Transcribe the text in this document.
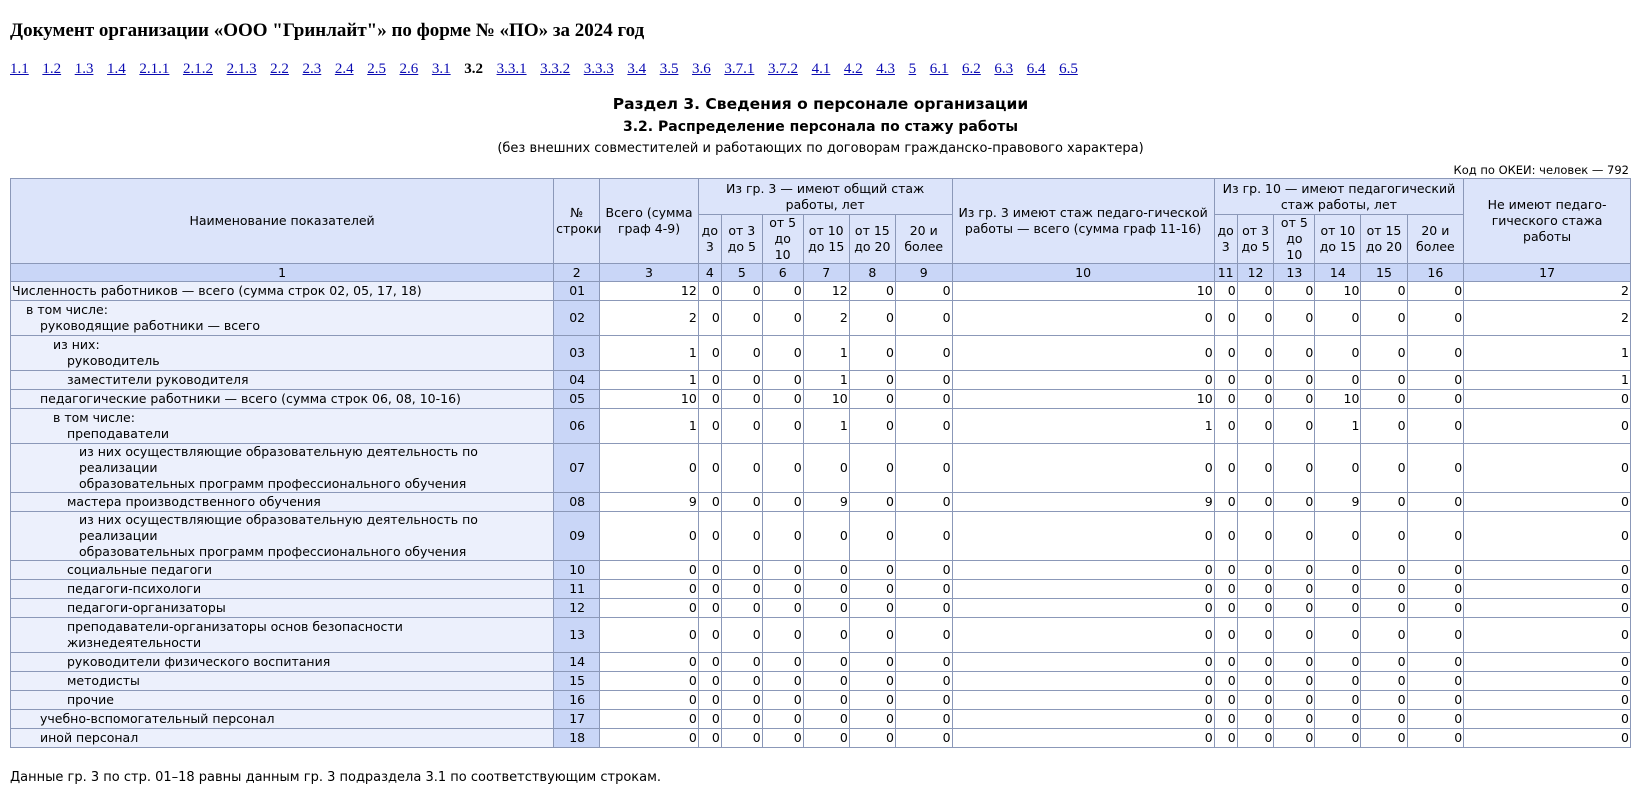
Документ организации «ООО "Гринлайт"» по форме № «ПО» за 2024 год
1.1 1.2 1.3 1.4 2.1.1 2.1.2 2.1.3 2.2 2.3 2.4 2.5 2.6 3.1 3.2 3.3.1 3.3.2 3.3.3 3.4 3.5 3.6 3.7.1 3.7.2 4.1 4.2 4.3 5 6.1 6.2 6.3 6.4 6.5
Раздел 3. Сведения о персонале организации
3.2. Распределение персонала по стажу работы
(без внешних совместителей и работающих по договорам гражданско-правового характера)
Код по ОКЕИ: человек — 792
Наименование показателей	№ строки	Всего (сумма граф 4-9)	Из гр. 3 — имеют общий стаж работы, лет						Из гр. 3 имеют стаж педаго-гической работы — всего (сумма граф 11-16)	Из гр. 10 — имеют педагогический стаж работы, лет						Не имеют педаго-гического стажа работы
			до 3	от 3 до 5	от 5 до 10	от 10 до 15	от 15 до 20	20 и более		до 3	от 3 до 5	от 5 до 10	от 10 до 15	от 15 до 20	20 и более	
1	2	3	4	5	6	7	8	9	10	11	12	13	14	15	16	17

Численность работников — всего (сумма строк 02, 05, 17, 18)	01	12	0	0	0	12	0	0	10	0	0	0	10	0	0	2

в том числе:
руководящие работники — всего	02	2	0	0	0	2	0	0	0	0	0	0	0	0	0	2

из них:
руководитель	03	1	0	0	0	1	0	0	0	0	0	0	0	0	0	1

заместители руководителя	04	1	0	0	0	1	0	0	0	0	0	0	0	0	0	1

педагогические работники — всего (сумма строк 06, 08, 10-16)	05	10	0	0	0	10	0	0	10	0	0	0	10	0	0	0

в том числе:
преподаватели	06	1	0	0	0	1	0	0	1	0	0	0	1	0	0	0

из них осуществляющие образовательную деятельность по реализации
образовательных программ профессионального обучения	07	0	0	0	0	0	0	0	0	0	0	0	0	0	0	0

мастера производственного обучения	08	9	0	0	0	9	0	0	9	0	0	0	9	0	0	0

из них осуществляющие образовательную деятельность по реализации
образовательных программ профессионального обучения	09	0	0	0	0	0	0	0	0	0	0	0	0	0	0	0

социальные педагоги	10	0	0	0	0	0	0	0	0	0	0	0	0	0	0	0

педагоги-психологи	11	0	0	0	0	0	0	0	0	0	0	0	0	0	0	0

педагоги-организаторы	12	0	0	0	0	0	0	0	0	0	0	0	0	0	0	0

преподаватели-организаторы основ безопасности
жизнедеятельности	13	0	0	0	0	0	0	0	0	0	0	0	0	0	0	0

руководители физического воспитания	14	0	0	0	0	0	0	0	0	0	0	0	0	0	0	0

методисты	15	0	0	0	0	0	0	0	0	0	0	0	0	0	0	0

прочие	16	0	0	0	0	0	0	0	0	0	0	0	0	0	0	0

учебно-вспомогательный персонал	17	0	0	0	0	0	0	0	0	0	0	0	0	0	0	0

иной персонал	18	0	0	0	0	0	0	0	0	0	0	0	0	0	0	0
Данные гр. 3 по стр. 01–18 равны данным гр. 3 подраздела 3.1 по соответствующим строкам.
